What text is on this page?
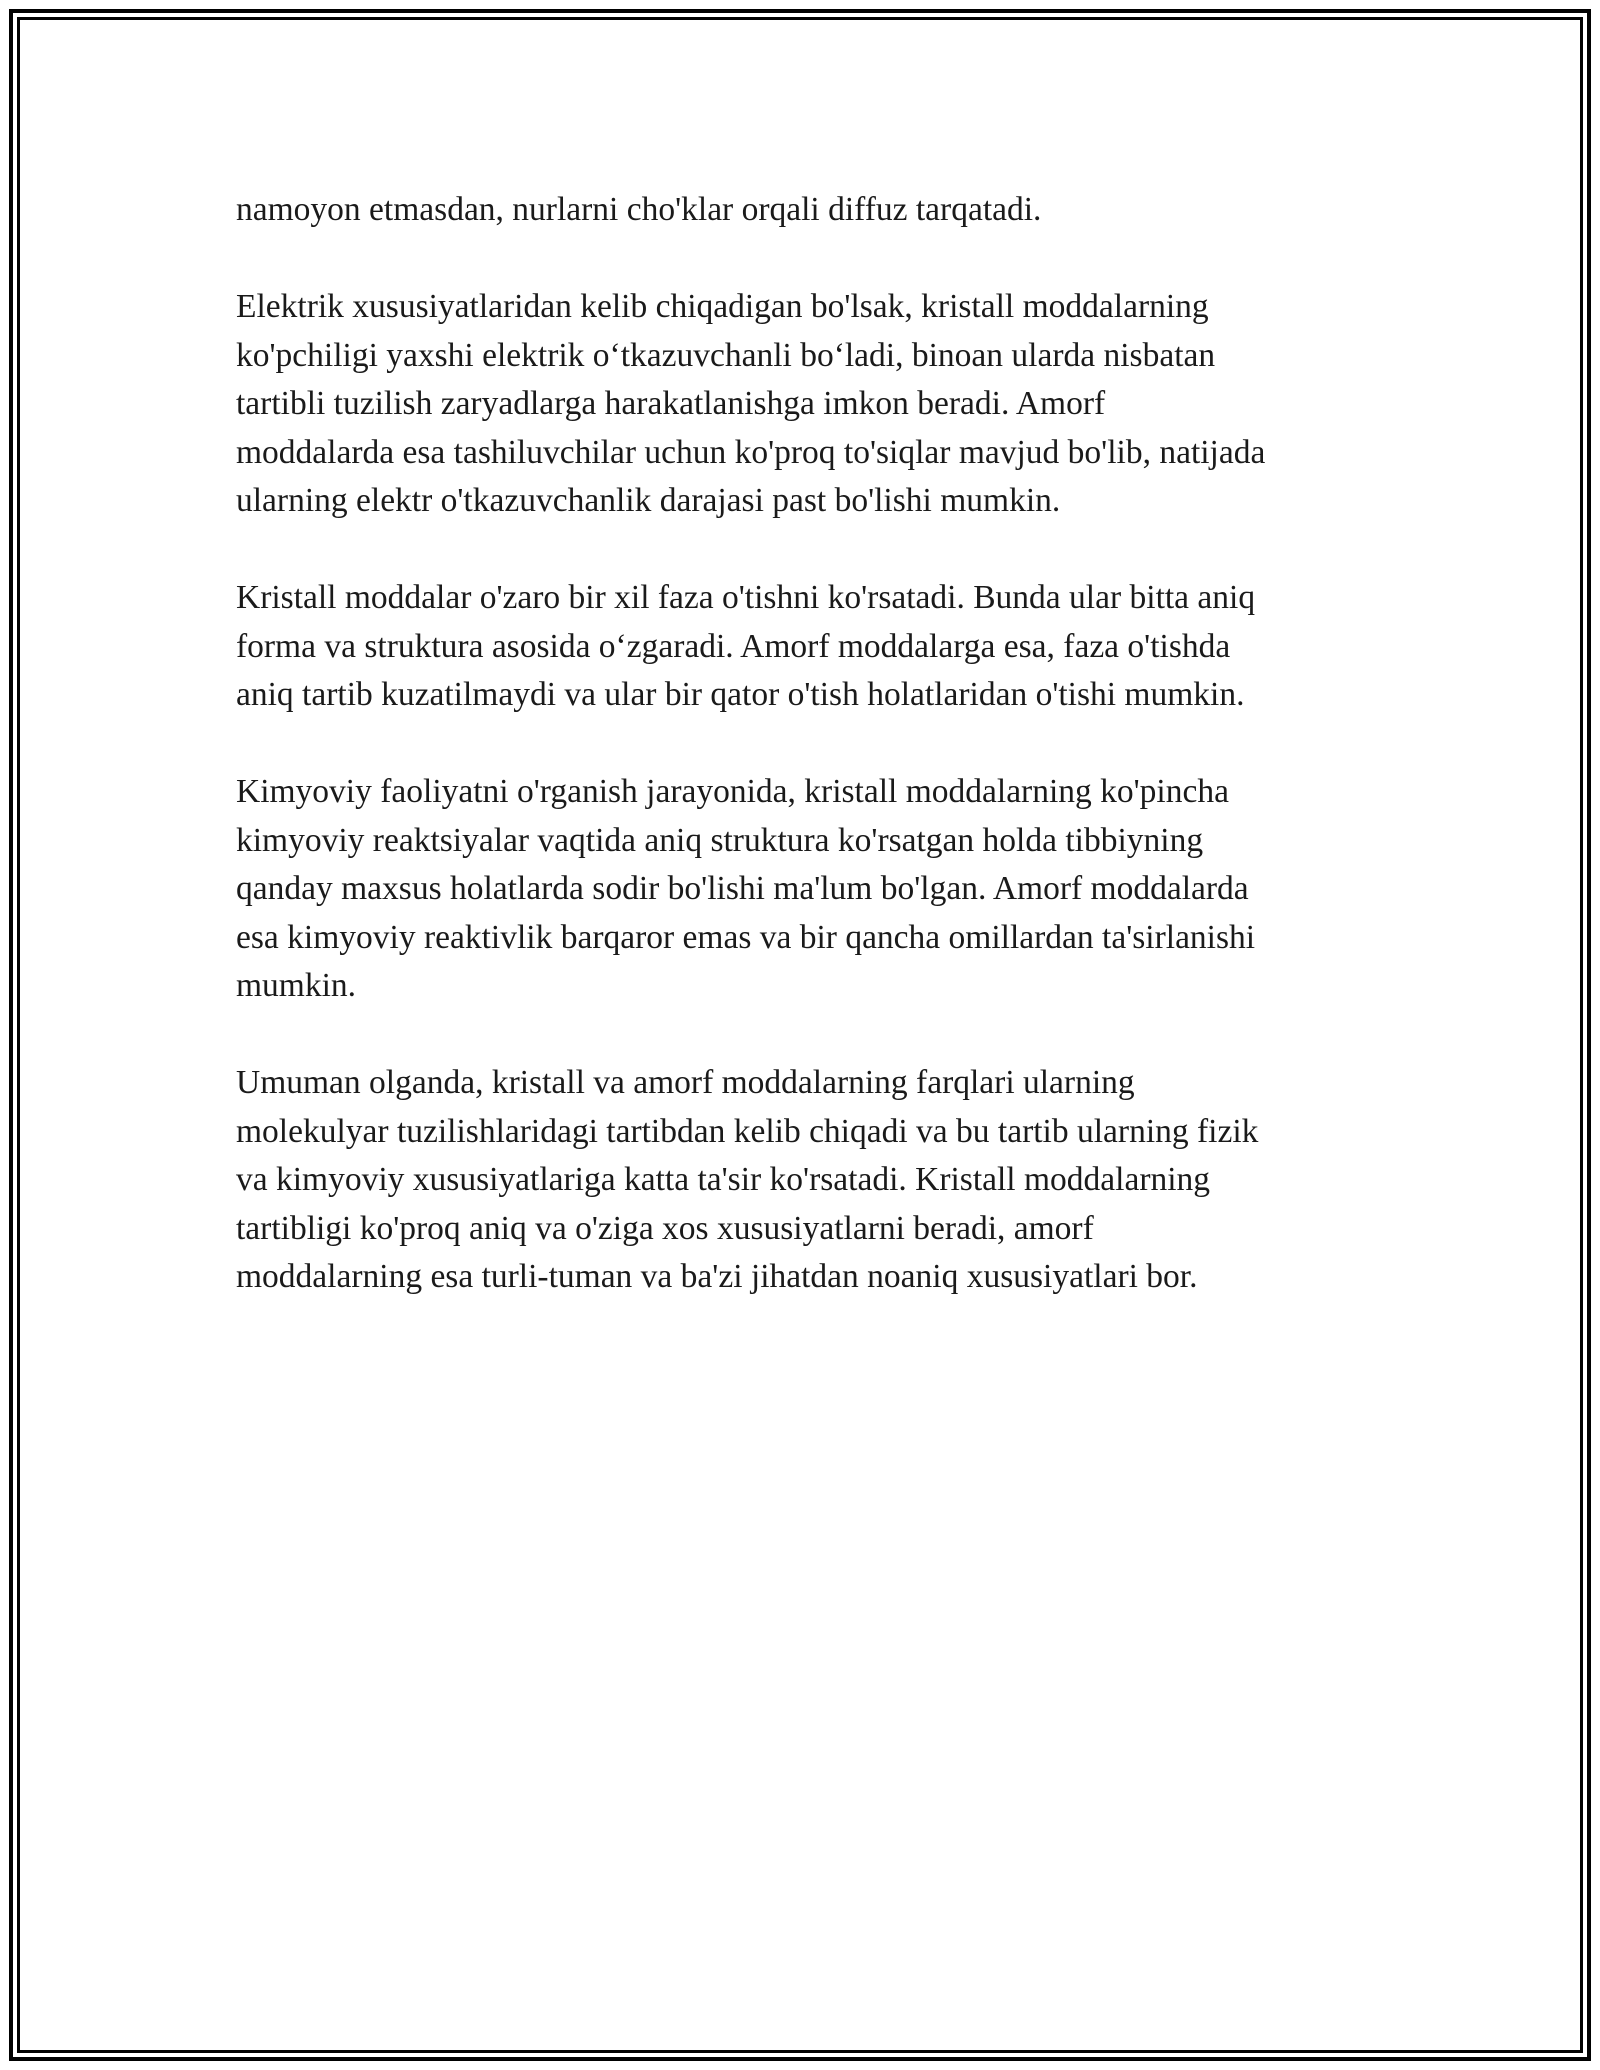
namoyon etmasdan, nurlarni cho'klar orqali diffuz tarqatadi.

Elektrik xususiyatlaridan kelib chiqadigan bo'lsak, kristall moddalarning
ko'pchiligi yaxshi elektrik o‘tkazuvchanli bo‘ladi, binoan ularda nisbatan
tartibli tuzilish zaryadlarga harakatlanishga imkon beradi. Amorf
moddalarda esa tashiluvchilar uchun ko'proq to'siqlar mavjud bo'lib, natijada
ularning elektr o'tkazuvchanlik darajasi past bo'lishi mumkin.

Kristall moddalar o'zaro bir xil faza o'tishni ko'rsatadi. Bunda ular bitta aniq
forma va struktura asosida o‘zgaradi. Amorf moddalarga esa, faza o'tishda
aniq tartib kuzatilmaydi va ular bir qator o'tish holatlaridan o'tishi mumkin.

Kimyoviy faoliyatni o'rganish jarayonida, kristall moddalarning ko'pincha
kimyoviy reaktsiyalar vaqtida aniq struktura ko'rsatgan holda tibbiyning
qanday maxsus holatlarda sodir bo'lishi ma'lum bo'lgan. Amorf moddalarda
esa kimyoviy reaktivlik barqaror emas va bir qancha omillardan ta'sirlanishi
mumkin.

Umuman olganda, kristall va amorf moddalarning farqlari ularning
molekulyar tuzilishlaridagi tartibdan kelib chiqadi va bu tartib ularning fizik
va kimyoviy xususiyatlariga katta ta'sir ko'rsatadi. Kristall moddalarning
tartibligi ko'proq aniq va o'ziga xos xususiyatlarni beradi, amorf
moddalarning esa turli-tuman va ba'zi jihatdan noaniq xususiyatlari bor.
